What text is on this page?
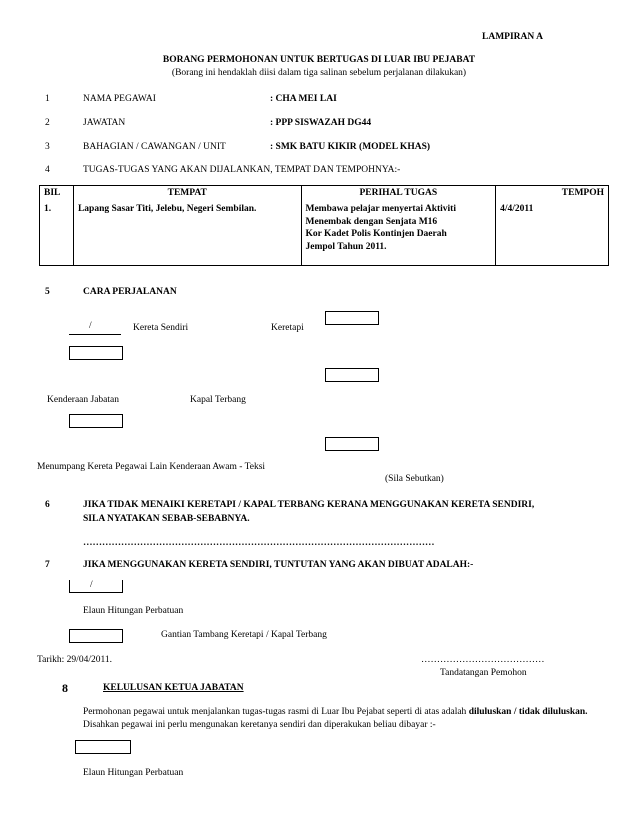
LAMPIRAN A
BORANG PERMOHONAN UNTUK BERTUGAS DI LUAR IBU PEJABAT
(Borang ini hendaklah diisi dalam tiga salinan sebelum perjalanan dilakukan)
1	NAMA PEGAWAI	: CHA MEI LAI
2	JAWATAN	: PPP SISWAZAH DG44
3	BAHAGIAN / CAWANGAN / UNIT	: SMK BATU KIKIR (MODEL KHAS)
4	TUGAS-TUGAS YANG AKAN DIJALANKAN, TEMPAT DAN TEMPOHNYA:-
BIL	TEMPAT	PERIHAL TUGAS	TEMPOH
1.	Lapang Sasar Titi, Jelebu, Negeri Sembilan.	Membawa pelajar menyertai Aktiviti
Menembak dengan Senjata M16
Kor Kadet Polis Kontinjen Daerah
Jempol Tahun 2011.	4/4/2011
5	CARA PERJALANAN
/	Kereta Sendiri	Keretapi
Kenderaan Jabatan	Kapal Terbang
Menumpang Kereta Pegawai Lain Kenderaan Awam - Teksi
(Sila Sebutkan)
6	JIKA TIDAK MENAIKI KERETAPI / KAPAL TERBANG KERANA MENGGUNAKAN KERETA SENDIRI,
SILA NYATAKAN SEBAB-SEBABNYA.
…………………………………………………………………………………………………
7	JIKA MENGGUNAKAN KERETA SENDIRI, TUNTUTAN YANG AKAN DIBUAT ADALAH:-
/
Elaun Hitungan Perbatuan
Gantian Tambang Keretapi / Kapal Terbang
Tarikh: 29/04/2011.	…………………………………
Tandatangan Pemohon
8	KELULUSAN KETUA JABATAN
Permohonan pegawai untuk menjalankan tugas-tugas rasmi di Luar Ibu Pejabat seperti di atas adalah diluluskan / tidak diluluskan. Disahkan pegawai ini perlu mengunakan keretanya sendiri dan diperakukan beliau dibayar :-
Elaun Hitungan Perbatuan
